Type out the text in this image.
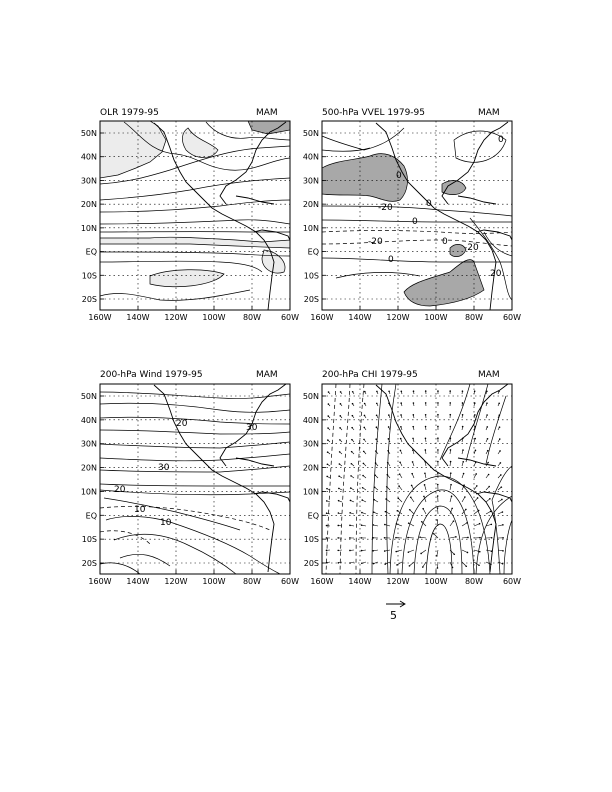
OLR 1979-95	MAM	500-hPa VVEL 1979-95	MAM
-20
0
-20
0
-20
0
20
0
0
0
200-hPa Wind 1979-95	MAM
20	30
30
20
10
10
200-hPa CHI 1979-95	MAM
5
50N
40N
30N
20N
10N
EQ
10S
20S
160W 140W 120W 100W 80W 60W
50N
40N
30N
20N
10N
EQ
10S
20S
160W 140W 120W 100W 80W 60W
50N
40N
30N
20N
10N
EQ
10S
20S
160W 140W 120W 100W 80W 60W
50N
40N
30N
20N
10N
EQ
10S
20S
160W 140W 120W 100W 80W 60W
